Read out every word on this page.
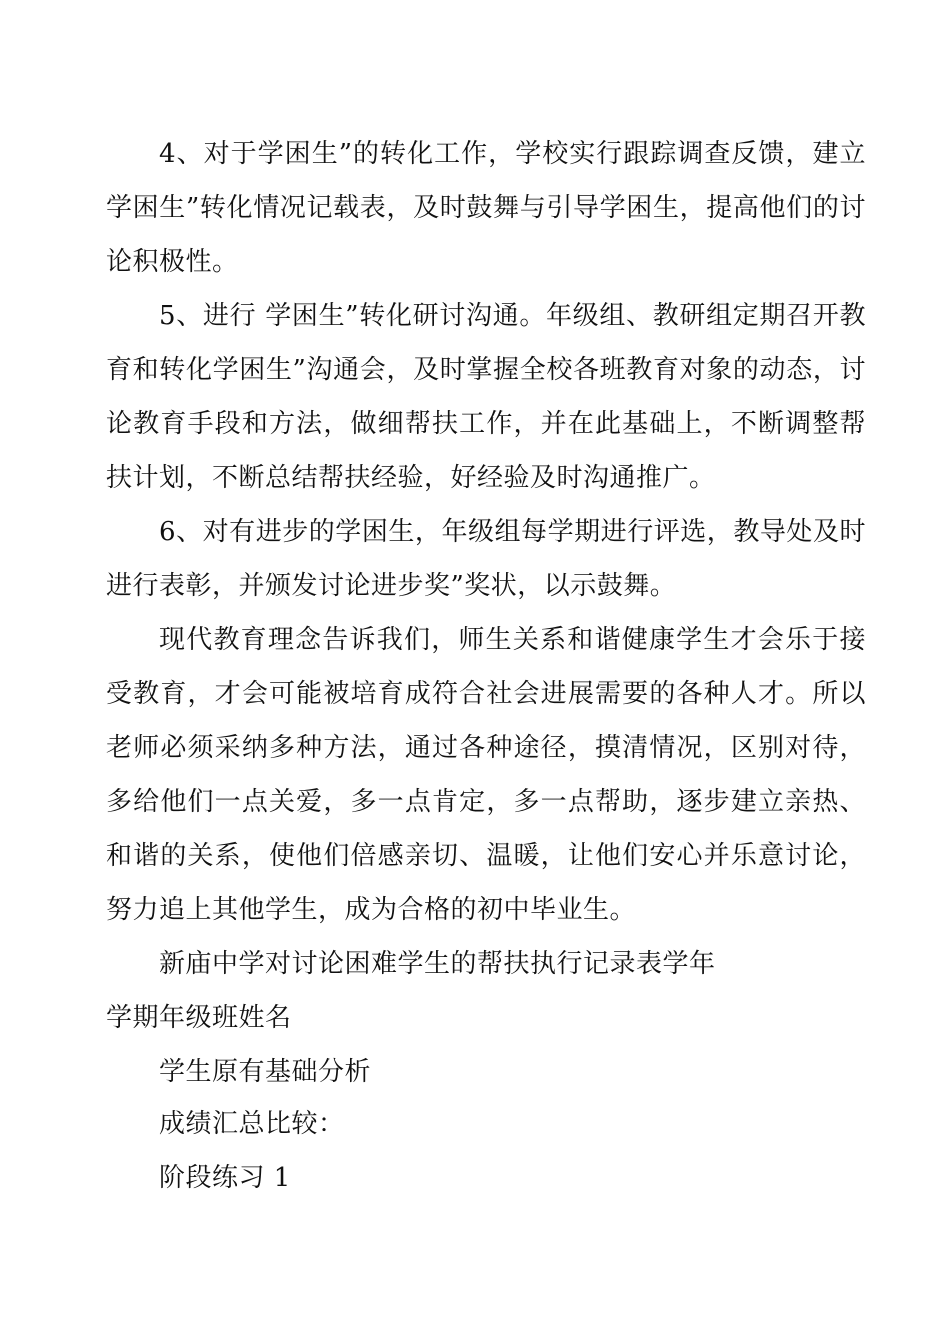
4、对于学困生”的转化工作，学校实行跟踪调查反馈，建立学困生”转化情况记载表，及时鼓舞与引导学困生，提高他们的讨论积极性。

5、进行 学困生”转化研讨沟通。年级组、教研组定期召开教育和转化学困生”沟通会，及时掌握全校各班教育对象的动态，讨论教育手段和方法，做细帮扶工作，并在此基础上，不断调整帮扶计划，不断总结帮扶经验，好经验及时沟通推广。

6、对有进步的学困生，年级组每学期进行评选，教导处及时进行表彰，并颁发讨论进步奖”奖状，以示鼓舞。

现代教育理念告诉我们，师生关系和谐健康学生才会乐于接受教育，才会可能被培育成符合社会进展需要的各种人才。所以老师必须采纳多种方法，通过各种途径，摸清情况，区别对待，多给他们一点关爱，多一点肯定，多一点帮助，逐步建立亲热、和谐的关系，使他们倍感亲切、温暖，让他们安心并乐意讨论，努力追上其他学生，成为合格的初中毕业生。

新庙中学对讨论困难学生的帮扶执行记录表学年

学期年级班姓名

学生原有基础分析

成绩汇总比较：

阶段练习 1
